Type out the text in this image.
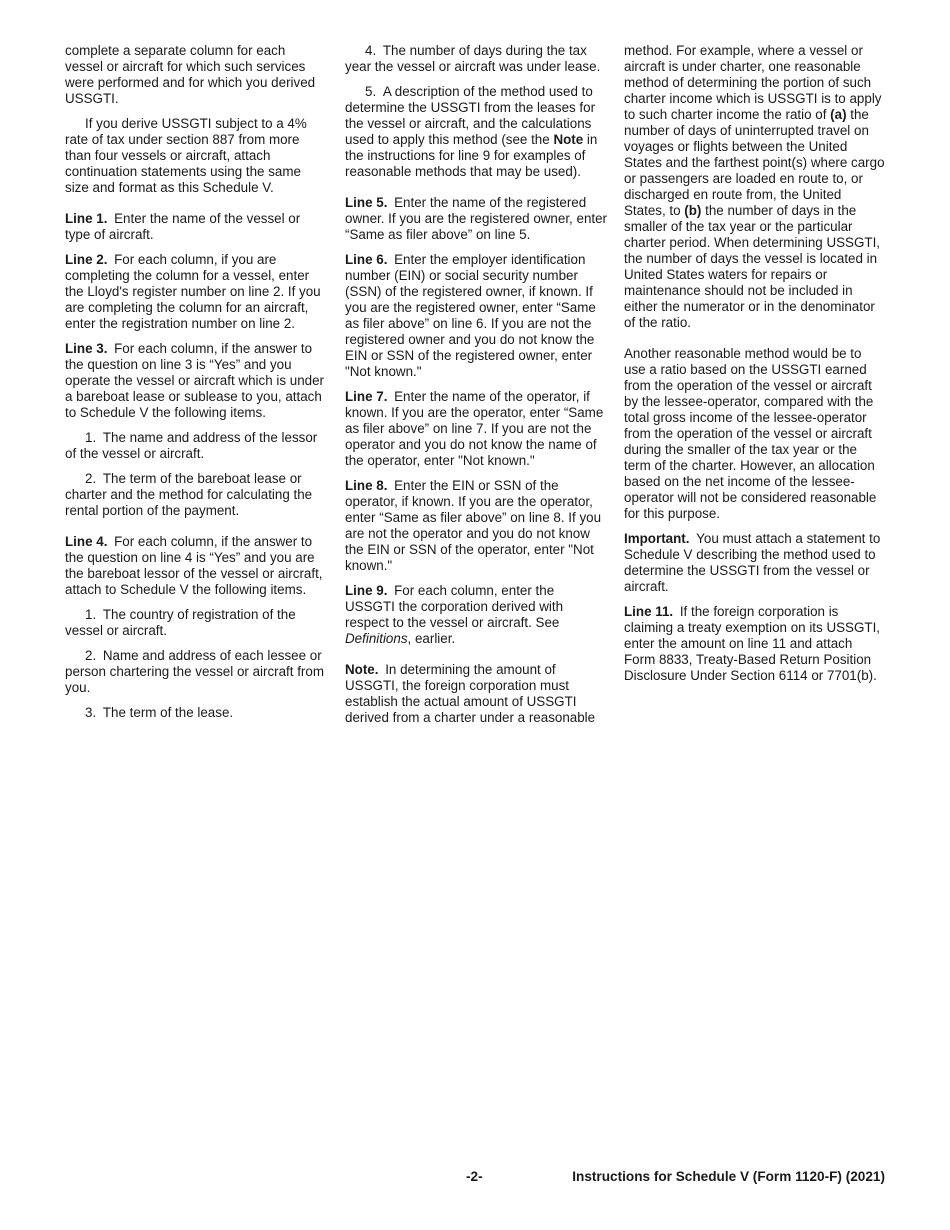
complete a separate column for each vessel or aircraft for which such services were performed and for which you derived USSGTI.

If you derive USSGTI subject to a 4% rate of tax under section 887 from more than four vessels or aircraft, attach continuation statements using the same size and format as this Schedule V.

Line 1.  Enter the name of the vessel or type of aircraft.

Line 2.  For each column, if you are completing the column for a vessel, enter the Lloyd's register number on line 2. If you are completing the column for an aircraft, enter the registration number on line 2.

Line 3.  For each column, if the answer to the question on line 3 is “Yes” and you operate the vessel or aircraft which is under a bareboat lease or sublease to you, attach to Schedule V the following items.

1. The name and address of the lessor of the vessel or aircraft.

2. The term of the bareboat lease or charter and the method for calculating the rental portion of the payment.

Line 4.  For each column, if the answer to the question on line 4 is “Yes” and you are the bareboat lessor of the vessel or aircraft, attach to Schedule V the following items.

1. The country of registration of the vessel or aircraft.

2. Name and address of each lessee or person chartering the vessel or aircraft from you.

3. The term of the lease.

4. The number of days during the tax year the vessel or aircraft was under lease.

5. A description of the method used to determine the USSGTI from the leases for the vessel or aircraft, and the calculations used to apply this method (see the Note in the instructions for line 9 for examples of reasonable methods that may be used).

Line 5.  Enter the name of the registered owner. If you are the registered owner, enter “Same as filer above” on line 5.

Line 6.  Enter the employer identification number (EIN) or social security number (SSN) of the registered owner, if known. If you are the registered owner, enter “Same as filer above” on line 6. If you are not the registered owner and you do not know the EIN or SSN of the registered owner, enter "Not known."

Line 7.  Enter the name of the operator, if known. If you are the operator, enter “Same as filer above” on line 7. If you are not the operator and you do not know the name of the operator, enter "Not known."

Line 8.  Enter the EIN or SSN of the operator, if known. If you are the operator, enter “Same as filer above” on line 8. If you are not the operator and you do not know the EIN or SSN of the operator, enter "Not known."

Line 9.  For each column, enter the USSGTI the corporation derived with respect to the vessel or aircraft. See Definitions, earlier.

Note.  In determining the amount of USSGTI, the foreign corporation must establish the actual amount of USSGTI derived from a charter under a reasonable

method. For example, where a vessel or aircraft is under charter, one reasonable method of determining the portion of such charter income which is USSGTI is to apply to such charter income the ratio of (a) the number of days of uninterrupted travel on voyages or flights between the United States and the farthest point(s) where cargo or passengers are loaded en route to, or discharged en route from, the United States, to (b) the number of days in the smaller of the tax year or the particular charter period. When determining USSGTI, the number of days the vessel is located in United States waters for repairs or maintenance should not be included in either the numerator or in the denominator of the ratio.

Another reasonable method would be to use a ratio based on the USSGTI earned from the operation of the vessel or aircraft by the lessee-operator, compared with the total gross income of the lessee-operator from the operation of the vessel or aircraft during the smaller of the tax year or the term of the charter. However, an allocation based on the net income of the lessee-operator will not be considered reasonable for this purpose.

Important.  You must attach a statement to Schedule V describing the method used to determine the USSGTI from the vessel or aircraft.

Line 11.  If the foreign corporation is claiming a treaty exemption on its USSGTI, enter the amount on line 11 and attach Form 8833, Treaty-Based Return Position Disclosure Under Section 6114 or 7701(b).

-2-	Instructions for Schedule V (Form 1120-F) (2021)
